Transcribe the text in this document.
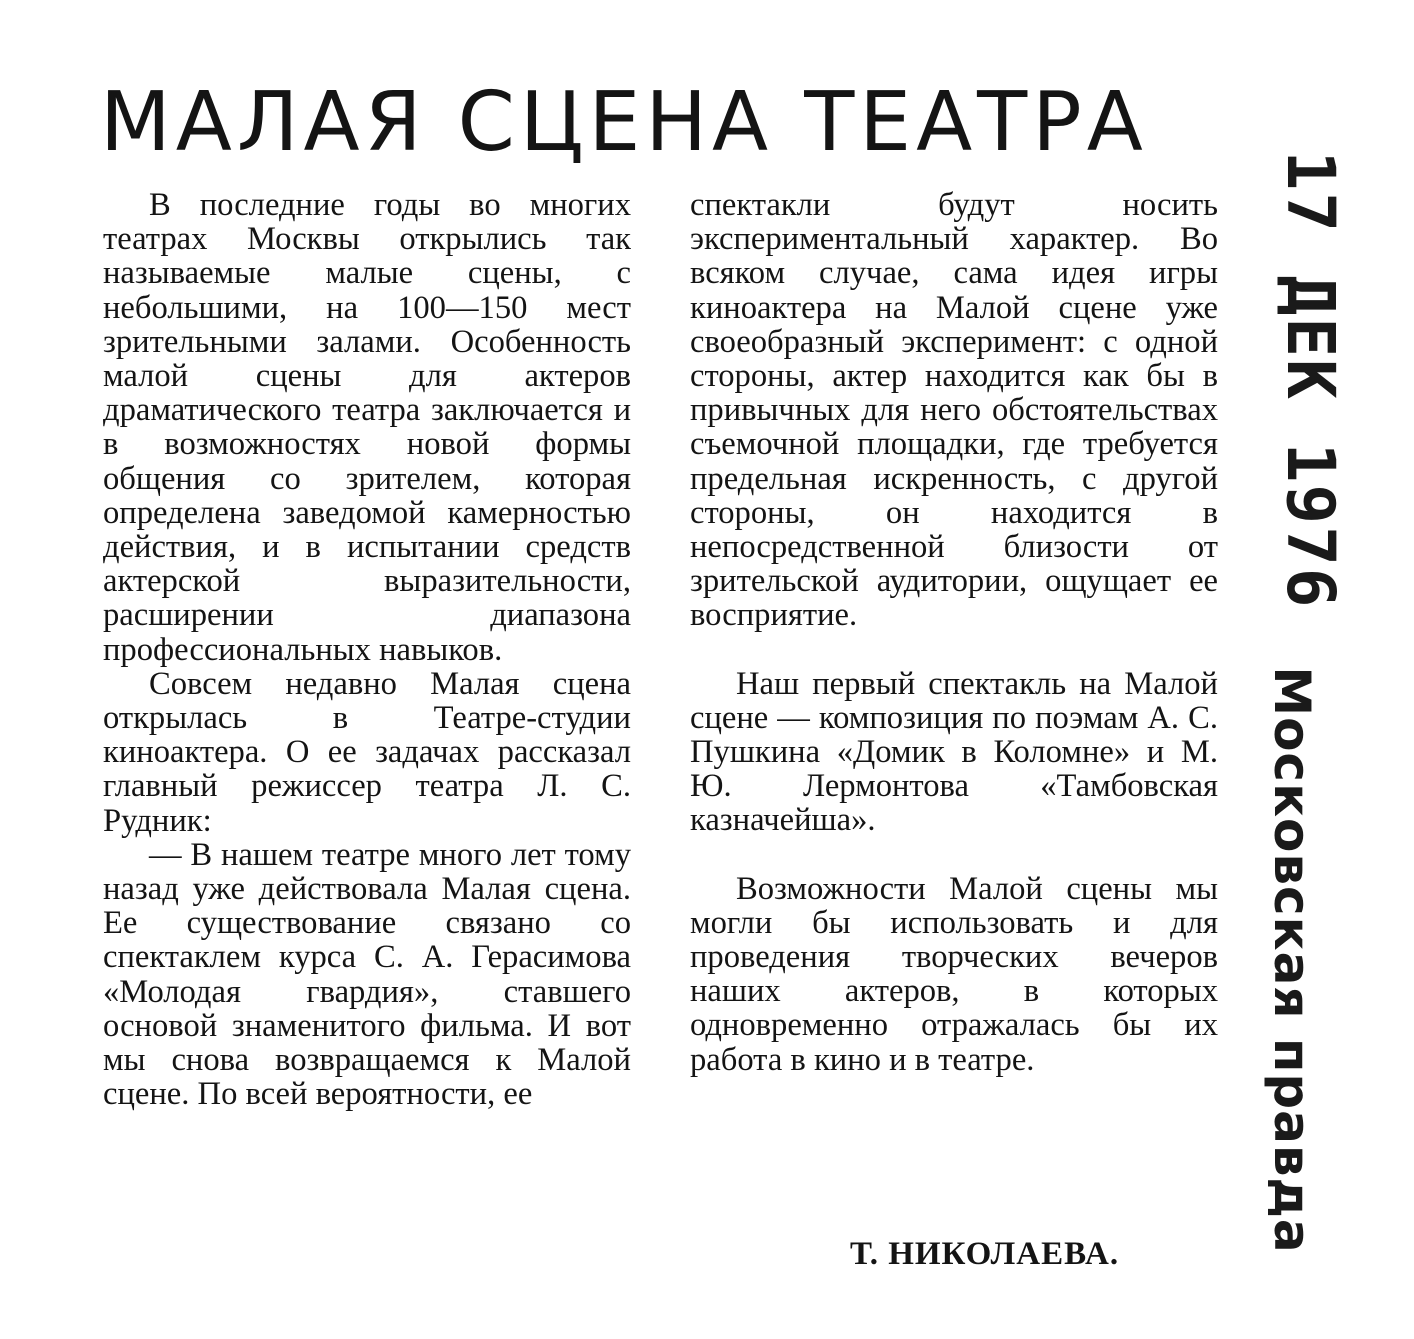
МАЛАЯ СЦЕНА ТЕАТРА

В последние годы во многих театрах Москвы открылись так называемые малые сцены, с небольшими, на 100—150 мест зрительными залами. Особенность малой сцены для актеров драматического театра заключается и в возможностях новой формы общения со зрителем, которая определена заведомой камерностью действия, и в испытании средств актерской выразительности, расширении диапазона профессиональных навыков.

Совсем недавно Малая сцена открылась в Театре-студии киноактера. О ее задачах рассказал главный режиссер театра Л. С. Рудник:

— В нашем театре много лет тому назад уже действовала Малая сцена. Ее существование связано со спектаклем курса С. А. Герасимова «Молодая гвардия», ставшего основой знаменитого фильма. И вот мы снова возвращаемся к Малой сцене. По всей вероятности, ее

спектакли будут носить экспериментальный характер. Во всяком случае, сама идея игры киноактера на Малой сцене уже своеобразный эксперимент: с одной стороны, актер находится как бы в привычных для него обстоятельствах съемочной площадки, где требуется предельная искренность, с другой стороны, он находится в непосредственной близости от зрительской аудитории, ощущает ее восприятие.

Наш первый спектакль на Малой сцене — композиция по поэмам А. С. Пушкина «Домик в Коломне» и М. Ю. Лермонтова «Тамбовская казначейша».

Возможности Малой сцены мы могли бы использовать и для проведения творческих вечеров наших актеров, в которых одновременно отражалась бы их работа в кино и в театре.

Т. НИКОЛАЕВА.
17 ДЕК 1976
Московская правда
